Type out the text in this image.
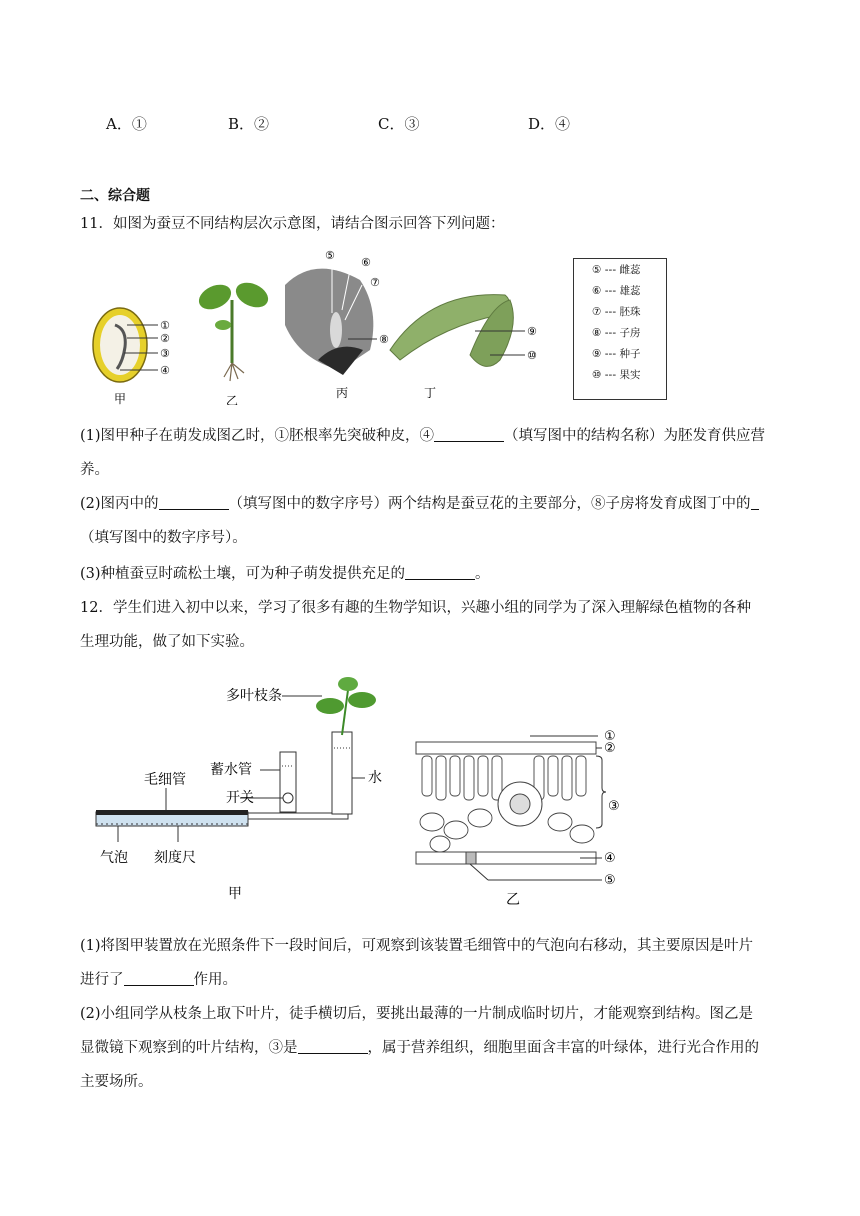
A．①	B．②	C．③	D．④
二、综合题
11．如图为蚕豆不同结构层次示意图，请结合图示回答下列问题：
①
②
③
④
甲	乙
⑤
⑥
⑦
⑧
丙
⑨
⑩
丁
⑤ --- 雌蕊
⑥ --- 雄蕊
⑦ --- 胚珠
⑧ --- 子房
⑨ --- 种子
⑩ --- 果实
(1)图甲种子在萌发成图乙时，①胚根率先突破种皮，④	（填写图中的结构名称）为胚发育供应营
养。
(2)图丙中的	（填写图中的数字序号）两个结构是蚕豆花的主要部分，⑧子房将发育成图丁中的
（填写图中的数字序号）。
(3)种植蚕豆时疏松土壤，可为种子萌发提供充足的	。
12．学生们进入初中以来，学习了很多有趣的生物学知识，兴趣小组的同学为了深入理解绿色植物的各种
生理功能，做了如下实验。
多叶枝条
蓄水管
开关
水
毛细管
气泡 刻度尺
甲
①
②
③
④
⑤
乙
(1)将图甲装置放在光照条件下一段时间后，可观察到该装置毛细管中的气泡向右移动，其主要原因是叶片
进行了	作用。
(2)小组同学从枝条上取下叶片，徒手横切后，要挑出最薄的一片制成临时切片，才能观察到结构。图乙是
显微镜下观察到的叶片结构，③是	，属于营养组织，细胞里面含丰富的叶绿体，进行光合作用的
主要场所。
